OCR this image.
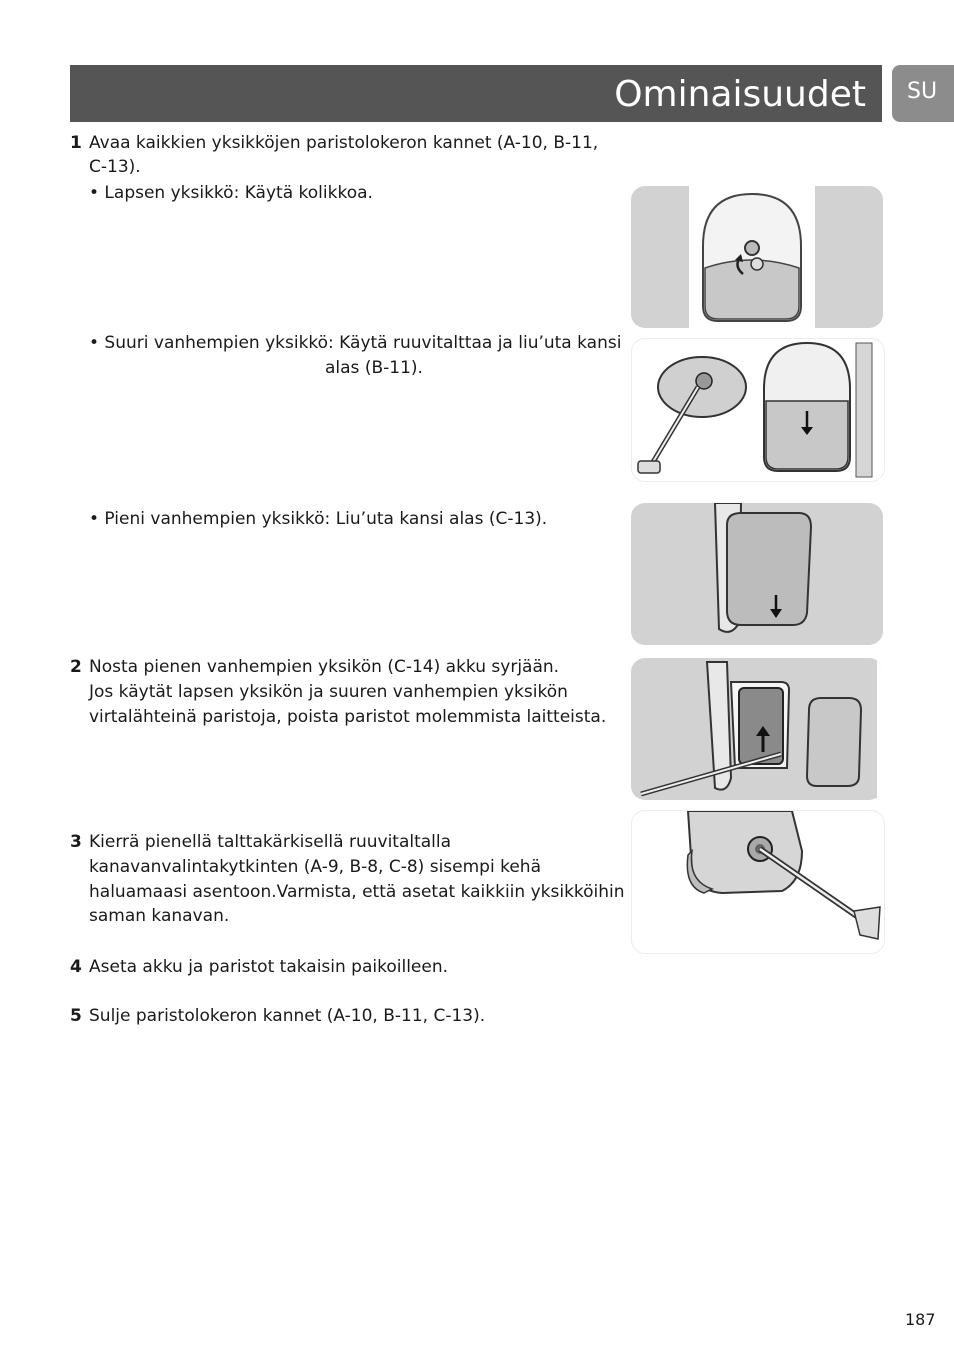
Ominaisuudet SU
1 Avaa kaikkien yksikköjen paristolokeron kannet (A-10, B-11,
C-13).
• Lapsen yksikkö: Käytä kolikkoa.
• Suuri vanhempien yksikkö: Käytä ruuvitalttaa ja liu’uta kansi
alas (B-11).
• Pieni vanhempien yksikkö: Liu’uta kansi alas (C-13).
2 Nosta pienen vanhempien yksikön (C-14) akku syrjään.
Jos käytät lapsen yksikön ja suuren vanhempien yksikön
virtalähteinä paristoja, poista paristot molemmista laitteista.
3 Kierrä pienellä talttakärkisellä ruuvitaltalla
kanavanvalintakytkinten (A-9, B-8, C-8) sisempi kehä
haluamaasi asentoon.Varmista, että asetat kaikkiin yksikköihin
saman kanavan.
4 Aseta akku ja paristot takaisin paikoilleen.
5 Sulje paristolokeron kannet (A-10, B-11, C-13).
187
